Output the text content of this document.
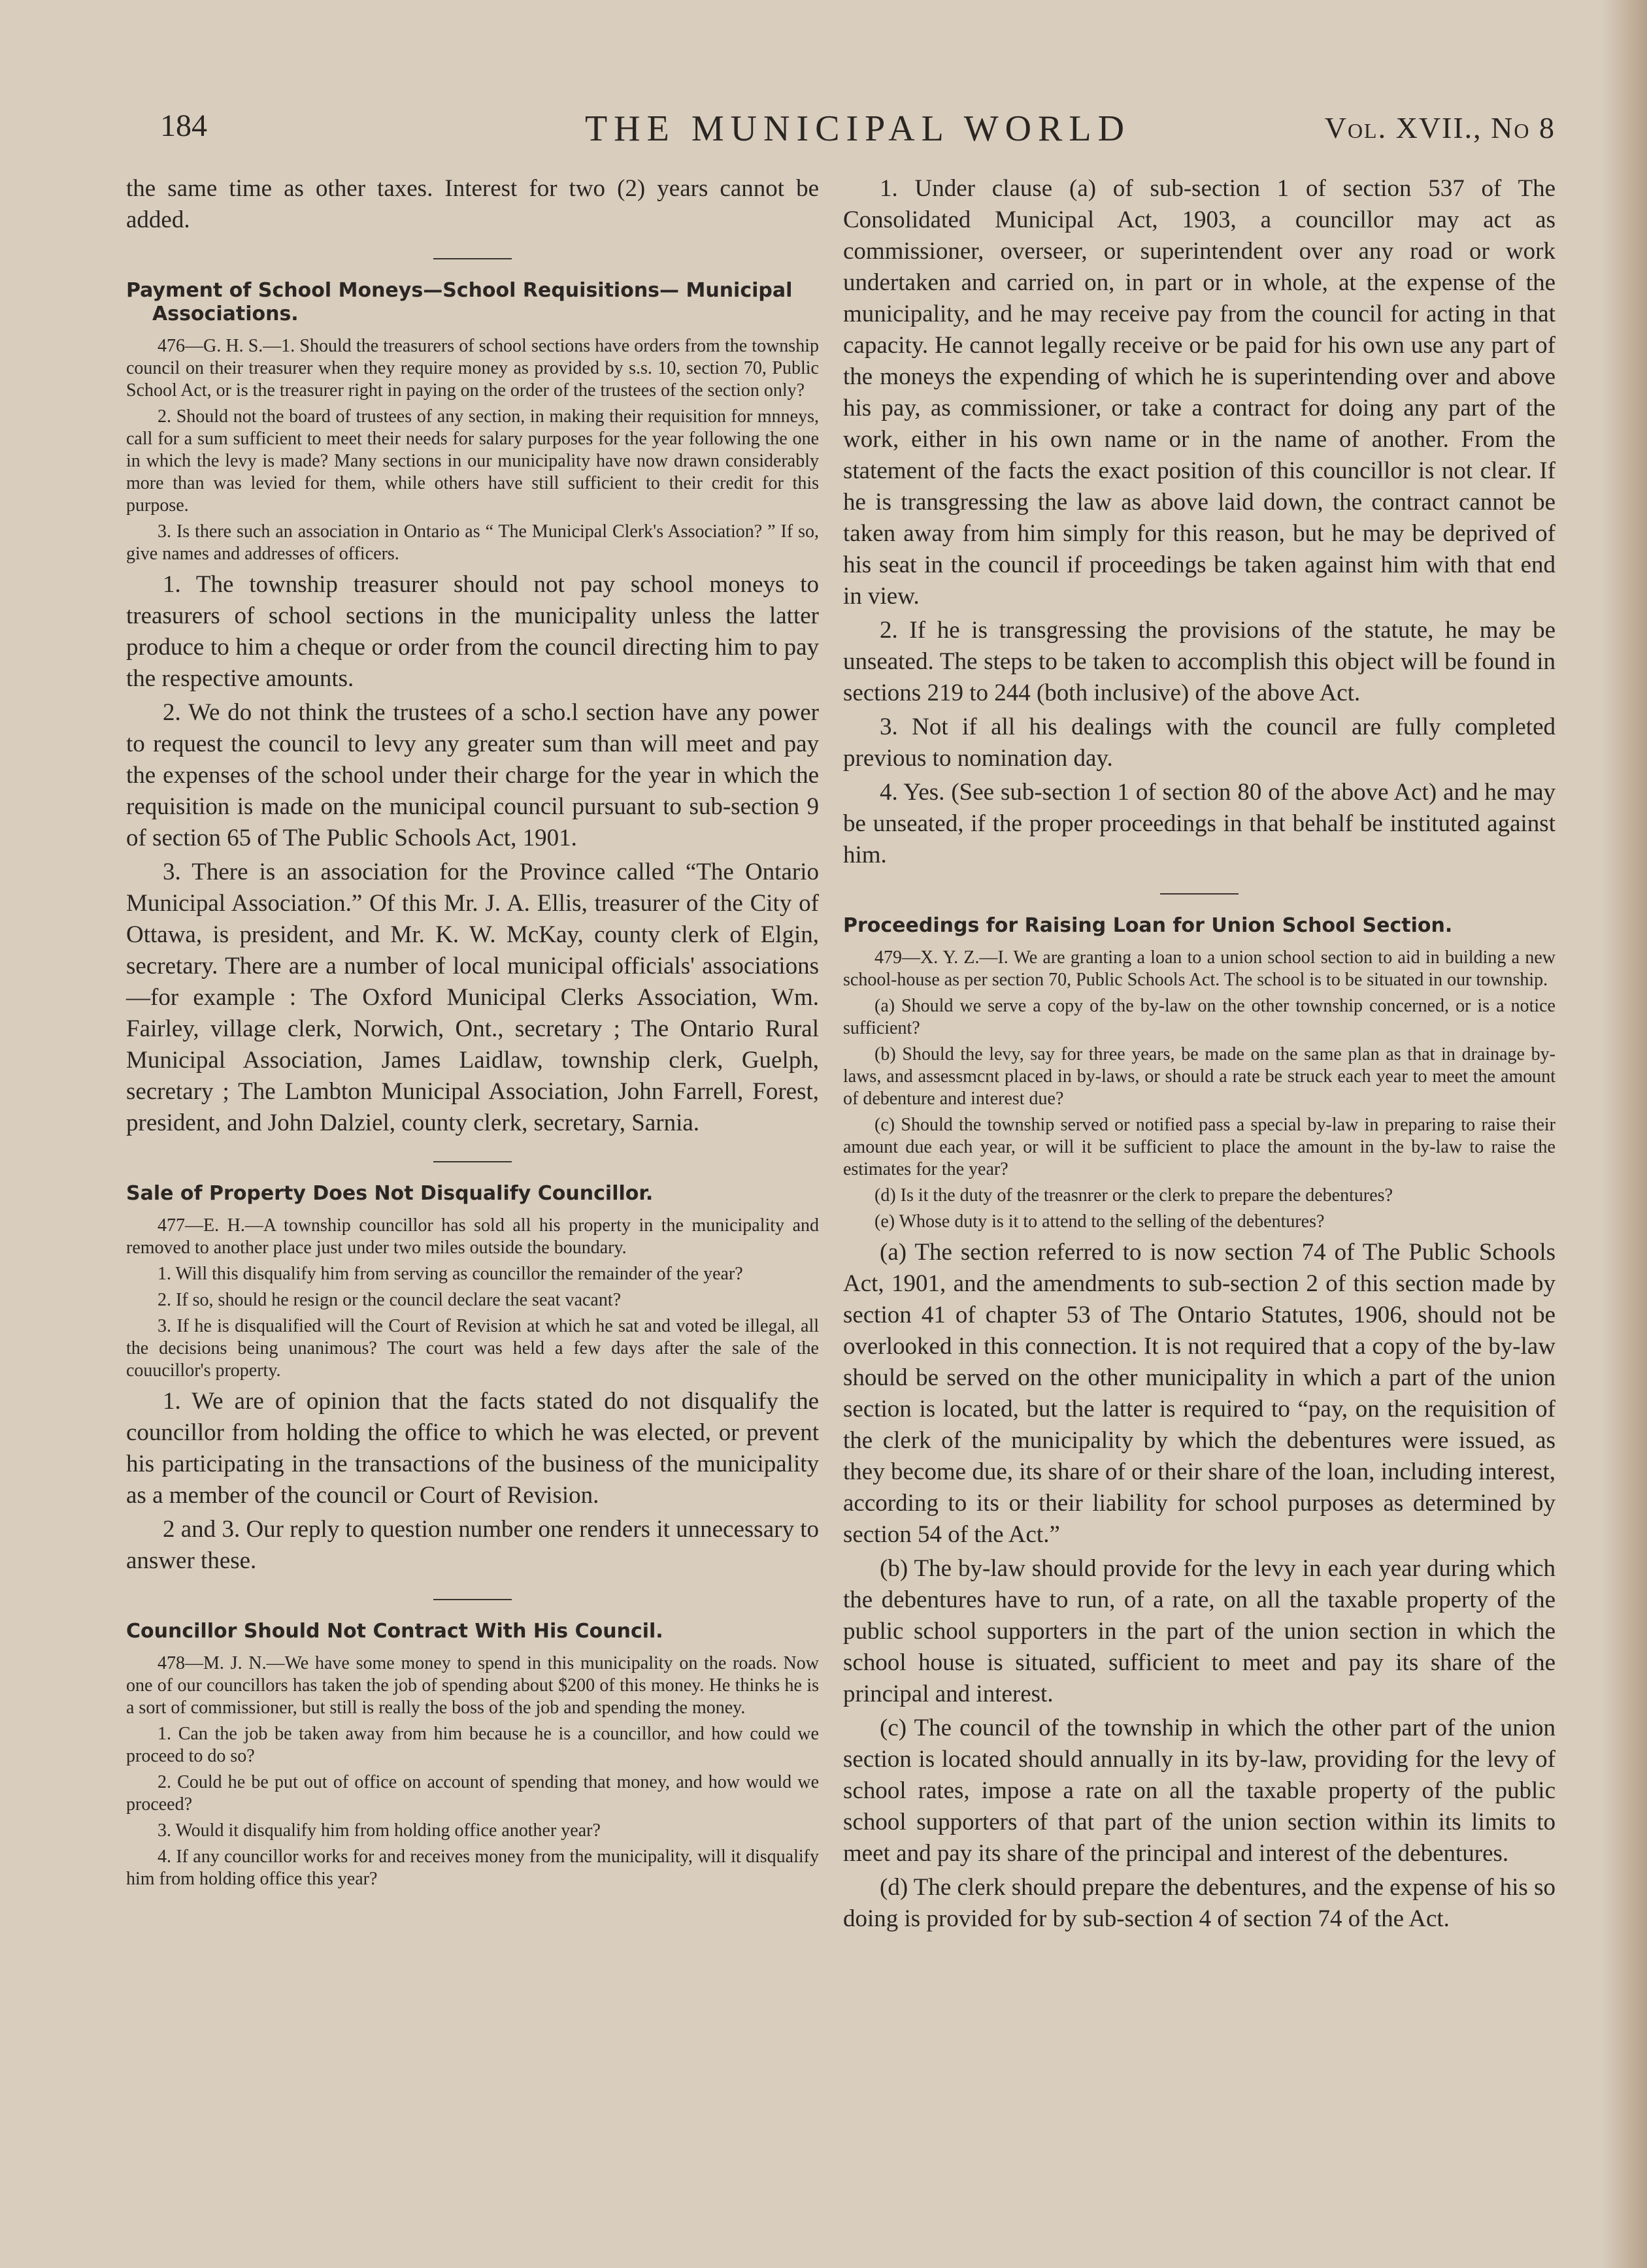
THE MUNICIPAL WORLD
184	Vol. XVII., No 8

the same time as other taxes. Interest for two (2) years cannot be added.

Payment of School Moneys—School Requisitions— Municipal Associations.

476—G. H. S.—1. Should the treasurers of school sections have orders from the township council on their treasurer when they require money as provided by s.s. 10, section 70, Public School Act, or is the treasurer right in paying on the order of the trustees of the section only?

2. Should not the board of trustees of any section, in making their requisition for mnneys, call for a sum sufficient to meet their needs for salary purposes for the year following the one in which the levy is made? Many sections in our municipality have now drawn considerably more than was levied for them, while others have still sufficient to their credit for this purpose.

3. Is there such an association in Ontario as “ The Municipal Clerk's Association? ” If so, give names and addresses of officers.

1. The township treasurer should not pay school moneys to treasurers of school sections in the municipality unless the latter produce to him a cheque or order from the council directing him to pay the respective amounts.

2. We do not think the trustees of a scho.l section have any power to request the council to levy any greater sum than will meet and pay the expenses of the school under their charge for the year in which the requisition is made on the municipal council pursuant to sub-section 9 of section 65 of The Public Schools Act, 1901.

3. There is an association for the Province called “The Ontario Municipal Association.” Of this Mr. J. A. Ellis, treasurer of the City of Ottawa, is president, and Mr. K. W. McKay, county clerk of Elgin, secretary. There are a number of local municipal officials' associations—for example : The Oxford Municipal Clerks Association, Wm. Fairley, village clerk, Norwich, Ont., secretary ; The Ontario Rural Municipal Association, James Laidlaw, township clerk, Guelph, secretary ; The Lambton Municipal Association, John Farrell, Forest, president, and John Dalziel, county clerk, secretary, Sarnia.

Sale of Property Does Not Disqualify Councillor.

477—E. H.—A township councillor has sold all his property in the municipality and removed to another place just under two miles outside the boundary.

1. Will this disqualify him from serving as councillor the remainder of the year?

2. If so, should he resign or the council declare the seat vacant?

3. If he is disqualified will the Court of Revision at which he sat and voted be illegal, all the decisions being unanimous? The court was held a few days after the sale of the couucillor's property.

1. We are of opinion that the facts stated do not disqualify the councillor from holding the office to which he was elected, or prevent his participating in the transactions of the business of the municipality as a member of the council or Court of Revision.

2 and 3. Our reply to question number one renders it unnecessary to answer these.

Councillor Should Not Contract With His Council.

478—M. J. N.—We have some money to spend in this municipality on the roads. Now one of our councillors has taken the job of spending about $200 of this money. He thinks he is a sort of commissioner, but still is really the boss of the job and spending the money.

1. Can the job be taken away from him because he is a councillor, and how could we proceed to do so?

2. Could he be put out of office on account of spending that money, and how would we proceed?

3. Would it disqualify him from holding office another year?

4. If any councillor works for and receives money from the municipality, will it disqualify him from holding office this year?

1. Under clause (a) of sub-section 1 of section 537 of The Consolidated Municipal Act, 1903, a councillor may act as commissioner, overseer, or superintendent over any road or work undertaken and carried on, in part or in whole, at the expense of the municipality, and he may receive pay from the council for acting in that capacity. He cannot legally receive or be paid for his own use any part of the moneys the expending of which he is superintending over and above his pay, as commissioner, or take a contract for doing any part of the work, either in his own name or in the name of another. From the statement of the facts the exact position of this councillor is not clear. If he is transgressing the law as above laid down, the contract cannot be taken away from him simply for this reason, but he may be deprived of his seat in the council if proceedings be taken against him with that end in view.

2. If he is transgressing the provisions of the statute, he may be unseated. The steps to be taken to accomplish this object will be found in sections 219 to 244 (both inclusive) of the above Act.

3. Not if all his dealings with the council are fully completed previous to nomination day.

4. Yes. (See sub-section 1 of section 80 of the above Act) and he may be unseated, if the proper proceedings in that behalf be instituted against him.

Proceedings for Raising Loan for Union School Section.

479—X. Y. Z.—I. We are granting a loan to a union school section to aid in building a new school-house as per section 70, Public Schools Act. The school is to be situated in our township.

(a) Should we serve a copy of the by-law on the other township concerned, or is a notice sufficient?

(b) Should the levy, say for three years, be made on the same plan as that in drainage by-laws, and assessmcnt placed in by-laws, or should a rate be struck each year to meet the amount of debenture and interest due?

(c) Should the township served or notified pass a special by-law in preparing to raise their amount due each year, or will it be sufficient to place the amount in the by-law to raise the estimates for the year?

(d) Is it the duty of the treasnrer or the clerk to prepare the debentures?

(e) Whose duty is it to attend to the selling of the debentures?

(a) The section referred to is now section 74 of The Public Schools Act, 1901, and the amendments to sub-section 2 of this section made by section 41 of chapter 53 of The Ontario Statutes, 1906, should not be overlooked in this connection. It is not required that a copy of the by-law should be served on the other municipality in which a part of the union section is located, but the latter is required to “pay, on the requisition of the clerk of the municipality by which the debentures were issued, as they become due, its share of or their share of the loan, including interest, according to its or their liability for school purposes as determined by section 54 of the Act.”

(b) The by-law should provide for the levy in each year during which the debentures have to run, of a rate, on all the taxable property of the public school supporters in the part of the union section in which the school house is situated, sufficient to meet and pay its share of the principal and interest.

(c) The council of the township in which the other part of the union section is located should annually in its by-law, providing for the levy of school rates, impose a rate on all the taxable property of the public school supporters of that part of the union section within its limits to meet and pay its share of the principal and interest of the debentures.

(d) The clerk should prepare the debentures, and the expense of his so doing is provided for by sub-section 4 of section 74 of the Act.
